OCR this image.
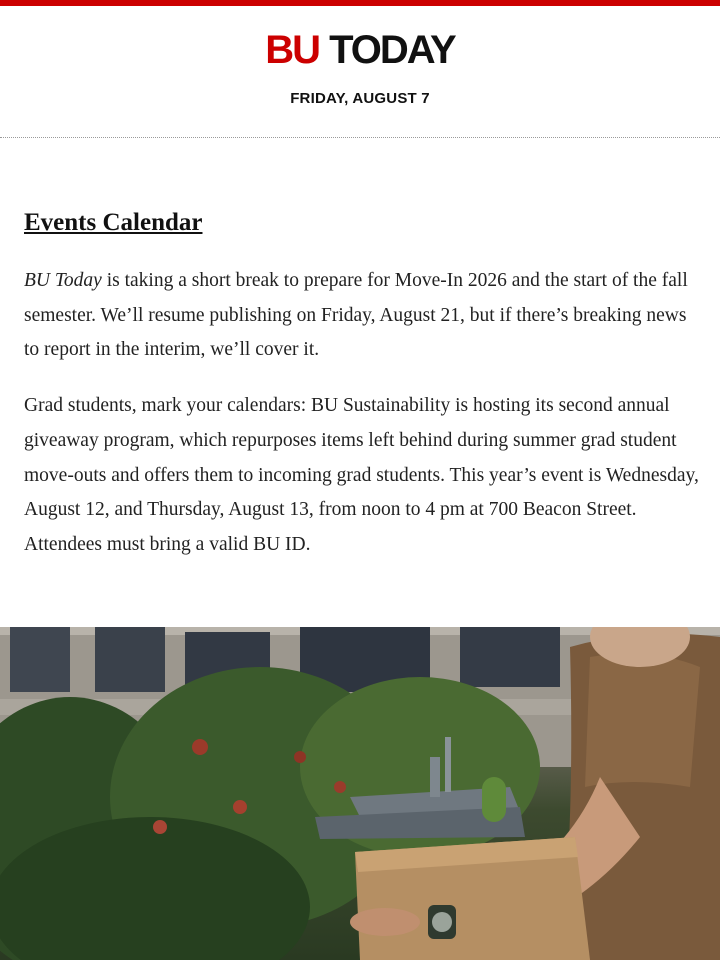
BU TODAY
FRIDAY, AUGUST 7
Events Calendar

BU Today is taking a short break to prepare for Move-In 2026 and the start of the fall semester. We’ll resume publishing on Friday, August 21, but if there’s breaking news to report in the interim, we’ll cover it.

Grad students, mark your calendars: BU Sustainability is hosting its second annual giveaway program, which repurposes items left behind during summer grad student move-outs and offers them to incoming grad students. This year’s event is Wednesday, August 12, and Thursday, August 13, from noon to 4 pm at 700 Beacon Street. Attendees must bring a valid BU ID.
